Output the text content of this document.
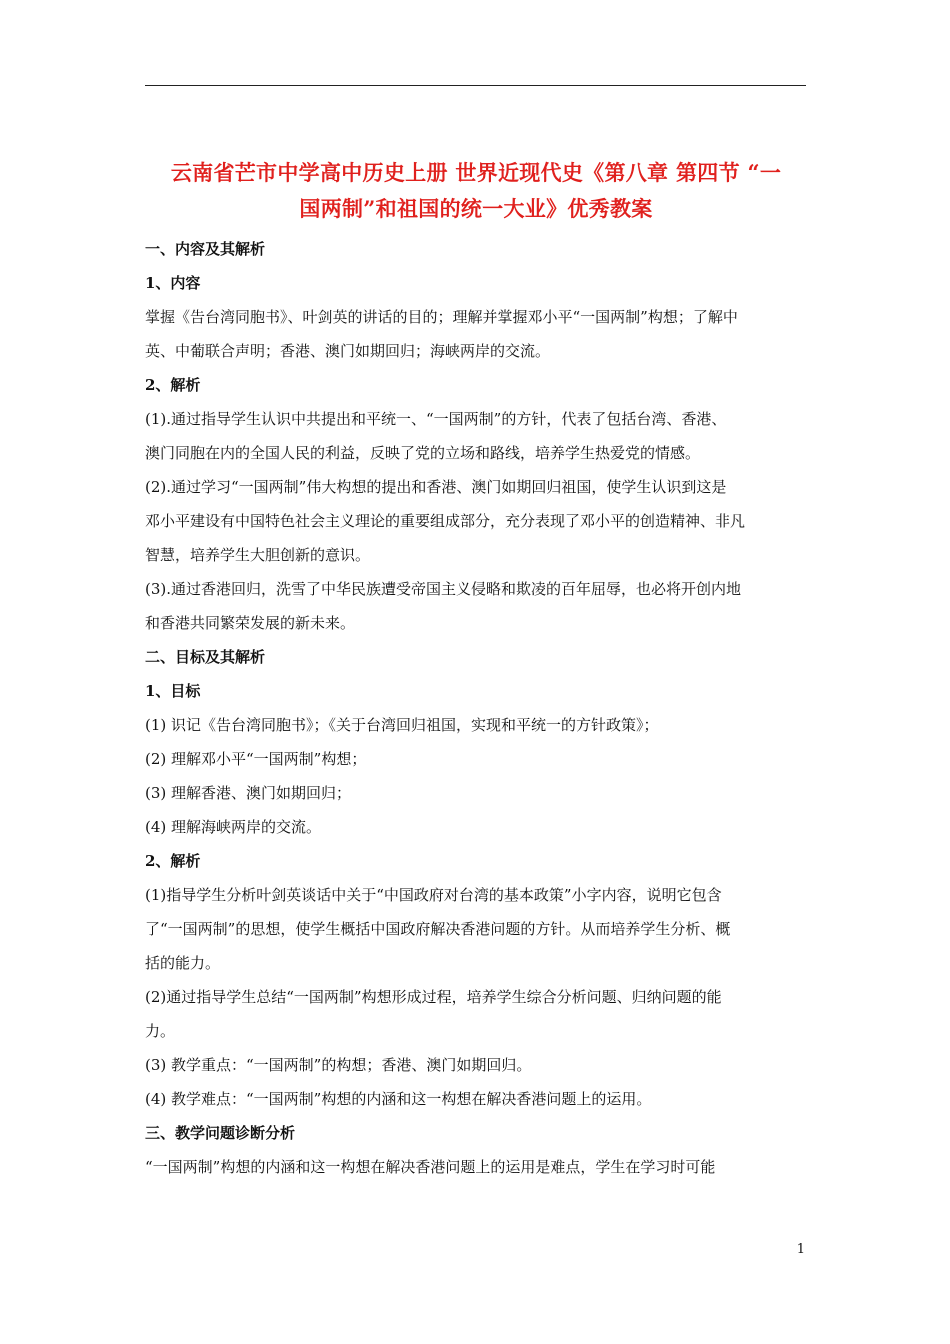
云南省芒市中学高中历史上册 世界近现代史《第八章 第四节 “一
国两制”和祖国的统一大业》优秀教案
一、内容及其解析
1、内容
掌握《告台湾同胞书》、叶剑英的讲话的目的；理解并掌握邓小平“一国两制”构想；了解中
英、中葡联合声明；香港、澳门如期回归；海峡两岸的交流。
2、解析
(1).通过指导学生认识中共提出和平统一、“一国两制”的方针，代表了包括台湾、香港、
澳门同胞在内的全国人民的利益，反映了党的立场和路线，培养学生热爱党的情感。
(2).通过学习“一国两制”伟大构想的提出和香港、澳门如期回归祖国，使学生认识到这是
邓小平建设有中国特色社会主义理论的重要组成部分，充分表现了邓小平的创造精神、非凡
智慧，培养学生大胆创新的意识。
(3).通过香港回归，洗雪了中华民族遭受帝国主义侵略和欺凌的百年屈辱，也必将开创内地
和香港共同繁荣发展的新未来。
二、目标及其解析
1、目标
(1) 识记《告台湾同胞书》；《关于台湾回归祖国，实现和平统一的方针政策》；
(2) 理解邓小平“一国两制”构想；
(3) 理解香港、澳门如期回归；
(4) 理解海峡两岸的交流。
2、解析
(1)指导学生分析叶剑英谈话中关于“中国政府对台湾的基本政策”小字内容，说明它包含
了“一国两制”的思想，使学生概括中国政府解决香港问题的方针。从而培养学生分析、概
括的能力。
(2)通过指导学生总结“一国两制”构想形成过程，培养学生综合分析问题、归纳问题的能
力。
(3) 教学重点：“一国两制”的构想；香港、澳门如期回归。
(4) 教学难点：“一国两制”构想的内涵和这一构想在解决香港问题上的运用。
三、教学问题诊断分析
“一国两制”构想的内涵和这一构想在解决香港问题上的运用是难点，学生在学习时可能
1
